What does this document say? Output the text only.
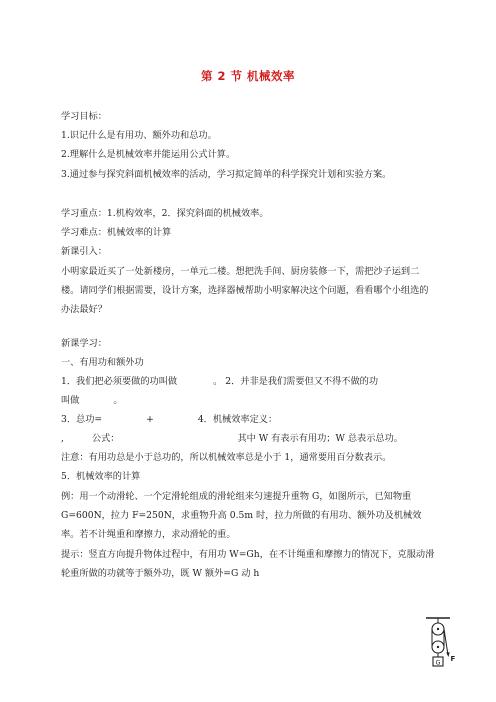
第 2 节 机械效率
学习目标：
1.识记什么是有用功、额外功和总功。
2.理解什么是机械效率并能运用公式计算。
3.通过参与探究斜面机械效率的活动，学习拟定简单的科学探究计划和实验方案。
学习重点：1.机构效率，2．探究斜面的机械效率。
学习难点：机械效率的计算
新课引入：
小明家最近买了一处新楼房，一单元二楼。想把洗手间、厨房装修一下，需把沙子运到二楼。请同学们根据需要，设计方案，选择器械帮助小明家解决这个问题，看看哪个小组选的办法最好？
新课学习：
一、有用功和额外功
1．我们把必须要做的功叫做	。 2．并非是我们需要但又不得不做的功
叫做	。
3．总功=	+	4．机械效率定义：
,	公式：	其中 W 有表示有用功；W 总表示总功。
注意：有用功总是小于总功的，所以机械效率总是小于 1，通常要用百分数表示。
5．机械效率的计算
例：用一个动滑轮、一个定滑轮组成的滑轮组来匀速提升重物 G，如图所示，已知物重 G=600N，拉力 F=250N，求重物升高 0.5m 时，拉力所做的有用功、额外功及机械效率。若不计绳重和摩擦力，求动滑轮的重。
提示：竖直方向提升物体过程中，有用功 W=Gh，在不计绳重和摩擦力的情况下，克服动滑轮重所做的功就等于额外功，既 W 额外=G 动 h
F
G
